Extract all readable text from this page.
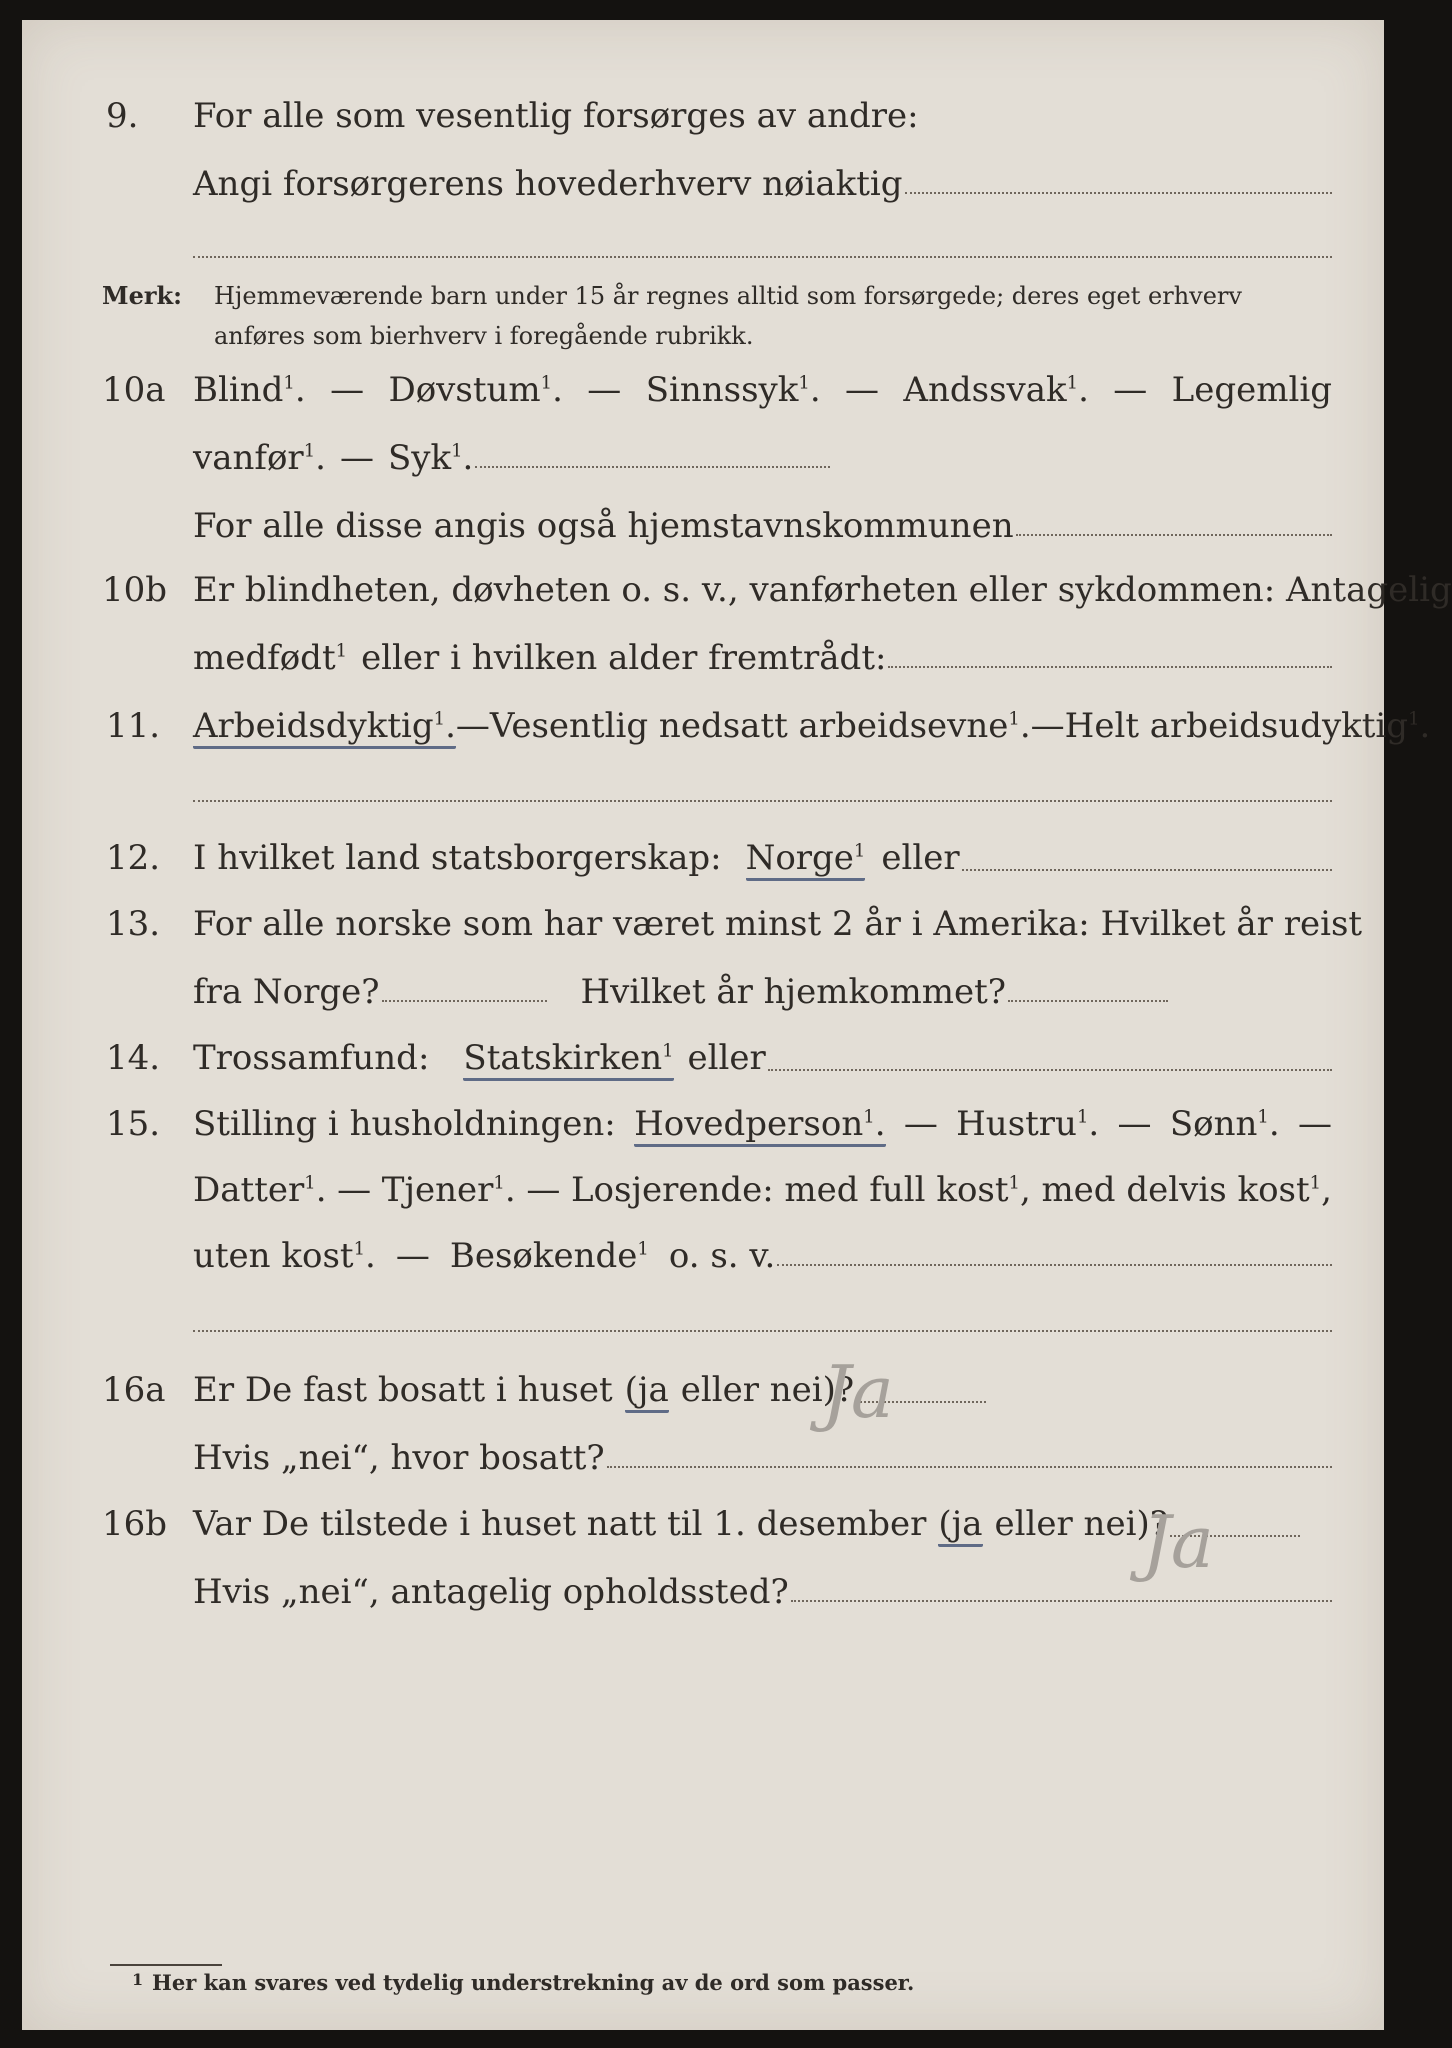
9. For alle som vesentlig forsørges av andre:
Angi forsørgerens hovederhverv nøiaktig
Merk: Hjemmeværende barn under 15 år regnes alltid som forsørgede; deres eget erhverv
anføres som bierhverv i foregående rubrikk.
10a Blind$^1$. — Døvstum$^1$. — Sinnssyk$^1$. — Andssvak$^1$. — Legemlig
vanfør$^1$. — Syk$^1$.
For alle disse angis også hjemstavnskommunen
10b Er blindheten, døvheten o. s. v., vanførheten eller sykdommen: Antagelig
medfødt$^1$ eller i hvilken alder fremtrådt:
11. Arbeidsdyktig$^1$. — Vesentlig nedsatt arbeidsevne$^1$. — Helt arbeidsudyktig$^1$.
12. I hvilket land statsborgerskap: Norge$^1$ eller
13. For alle norske som har været minst 2 år i Amerika: Hvilket år reist
fra Norge?	Hvilket år hjemkommet?
14. Trossamfund: Statskirken$^1$ eller
15. Stilling i husholdningen: Hovedperson$^1$. — Hustru$^1$. — Sønn$^1$. —
Datter$^1$. — Tjener$^1$. — Losjerende: med full kost$^1$, med delvis kost$^1$,
uten kost$^1$. — Besøkende$^1$ o. s. v.
16a Er De fast bosatt i huset (ja eller nei)?
Ja
Hvis „nei“, hvor bosatt?
16b Var De tilstede i huset natt til 1. desember (ja eller nei)?
Ja
Hvis „nei“, antagelig opholdssted?
1 Her kan svares ved tydelig understrekning av de ord som passer.
